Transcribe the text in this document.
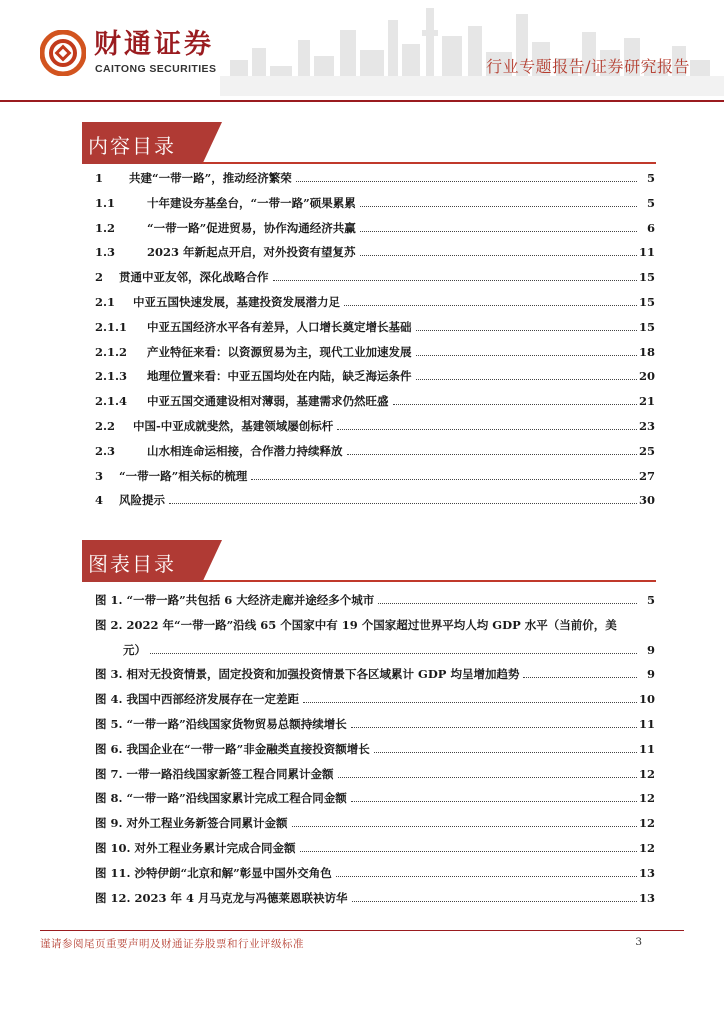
财通证券
CAITONG SECURITIES	行业专题报告/证券研究报告
内容目录
1	共建“一带一路”，推动经济繁荣	5
1.1	十年建设夯基垒台，“一带一路”硕果累累	5
1.2	“一带一路”促进贸易，协作沟通经济共赢	6
1.3	2023 年新起点开启，对外投资有望复苏	11
2	贯通中亚友邻，深化战略合作	15
2.1	中亚五国快速发展，基建投资发展潜力足	15
2.1.1	中亚五国经济水平各有差异，人口增长奠定增长基础	15
2.1.2	产业特征来看：以资源贸易为主，现代工业加速发展	18
2.1.3	地理位置来看：中亚五国均处在内陆，缺乏海运条件	20
2.1.4	中亚五国交通建设相对薄弱，基建需求仍然旺盛	21
2.2	中国-中亚成就斐然，基建领域屡创标杆	23
2.3	山水相连命运相接，合作潜力持续释放	25
3	“一带一路”相关标的梳理	27
4	风险提示	30
图表目录
图 1. “一带一路”共包括 6 大经济走廊并途经多个城市	5
图 2. 2022 年“一带一路”沿线 65 个国家中有 19 个国家超过世界平均人均 GDP 水平（当前价，美
元）	9
图 3. 相对无投资情景，固定投资和加强投资情景下各区域累计 GDP 均呈增加趋势	9
图 4. 我国中西部经济发展存在一定差距	10
图 5. “一带一路”沿线国家货物贸易总额持续增长	11
图 6. 我国企业在“一带一路”非金融类直接投资额增长	11
图 7. 一带一路沿线国家新签工程合同累计金额	12
图 8. “一带一路”沿线国家累计完成工程合同金额	12
图 9. 对外工程业务新签合同累计金额	12
图 10. 对外工程业务累计完成合同金额	12
图 11. 沙特伊朗“北京和解”彰显中国外交角色	13
图 12. 2023 年 4 月马克龙与冯德莱恩联袂访华	13
谨请参阅尾页重要声明及财通证券股票和行业评级标准	3
